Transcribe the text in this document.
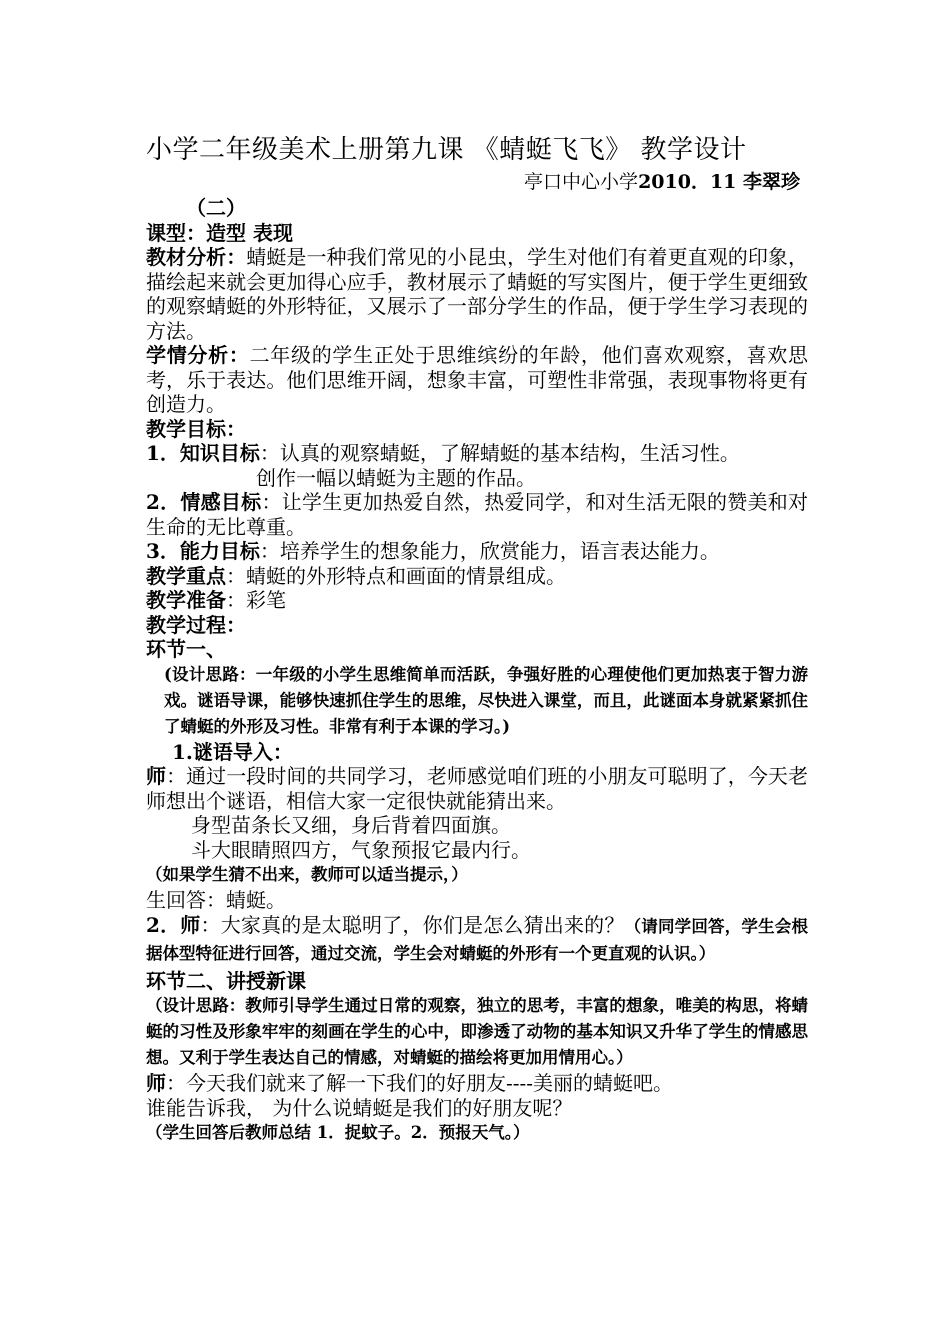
小学二年级美术上册第九课 《蜻蜓飞飞》 教学设计
亭口中心小学2010．11 李翠珍

（二）

课型：造型 表现

教材分析：蜻蜓是一种我们常见的小昆虫，学生对他们有着更直观的印象，描绘起来就会更加得心应手，教材展示了蜻蜓的写实图片，便于学生更细致的观察蜻蜓的外形特征，又展示了一部分学生的作品，便于学生学习表现的方法。

学情分析：二年级的学生正处于思维缤纷的年龄，他们喜欢观察，喜欢思考，乐于表达。他们思维开阔，想象丰富，可塑性非常强，表现事物将更有创造力。

教学目标：

1．知识目标：认真的观察蜻蜓，了解蜻蜓的基本结构，生活习性。

创作一幅以蜻蜓为主题的作品。

2．情感目标：让学生更加热爱自然，热爱同学，和对生活无限的赞美和对生命的无比尊重。

3．能力目标：培养学生的想象能力，欣赏能力，语言表达能力。

教学重点：蜻蜓的外形特点和画面的情景组成。

教学准备：彩笔

教学过程：

环节一、

(设计思路：一年级的小学生思维简单而活跃，争强好胜的心理使他们更加热衷于智力游戏。谜语导课，能够快速抓住学生的思维，尽快进入课堂，而且，此谜面本身就紧紧抓住了蜻蜓的外形及习性。非常有利于本课的学习。)

1.谜语导入：

师：通过一段时间的共同学习，老师感觉咱们班的小朋友可聪明了，今天老师想出个谜语，相信大家一定很快就能猜出来。

身型苗条长又细，身后背着四面旗。

斗大眼睛照四方，气象预报它最内行。

（如果学生猜不出来，教师可以适当提示，）

生回答：蜻蜓。

2．师：大家真的是太聪明了，你们是怎么猜出来的？（请同学回答，学生会根据体型特征进行回答，通过交流，学生会对蜻蜓的外形有一个更直观的认识。）

环节二、讲授新课

（设计思路：教师引导学生通过日常的观察，独立的思考，丰富的想象，唯美的构思，将蜻蜓的习性及形象牢牢的刻画在学生的心中，即渗透了动物的基本知识又升华了学生的情感思想。又利于学生表达自己的情感，对蜻蜓的描绘将更加用情用心。）

师：今天我们就来了解一下我们的好朋友----美丽的蜻蜓吧。

谁能告诉我， 为什么说蜻蜓是我们的好朋友呢？

（学生回答后教师总结 1．捉蚊子。2．预报天气。）
